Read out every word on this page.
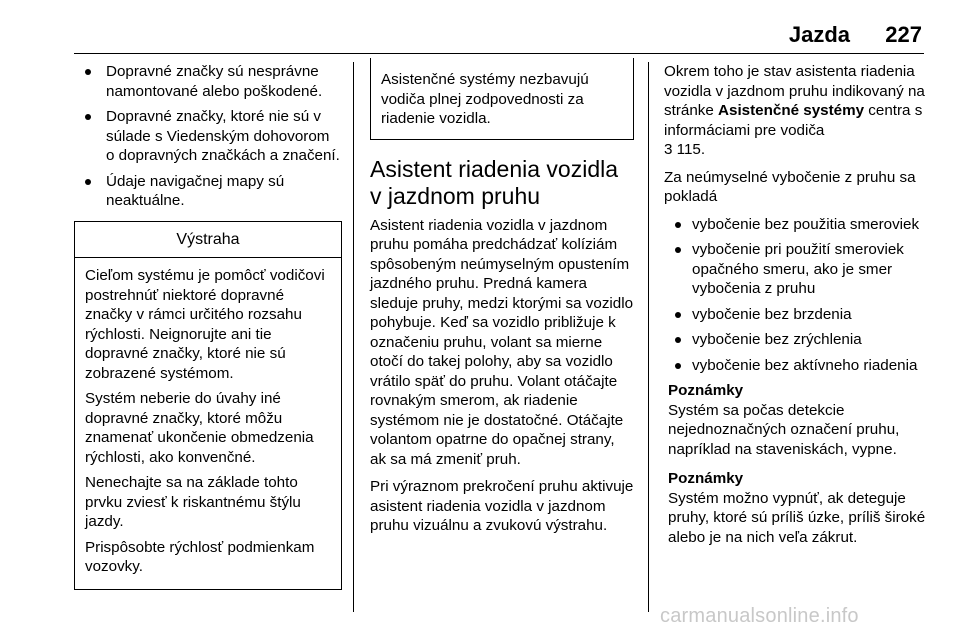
Jazda 227
Dopravné značky sú nesprávne namontované alebo poškodené.
Dopravné značky, ktoré nie sú v súlade s Viedenským dohovorom o dopravných značkách a značení.
Údaje navigačnej mapy sú neaktuálne.
Výstraha

Cieľom systému je pomôcť vodičovi postrehnúť niektoré dopravné značky v rámci určitého rozsahu rýchlosti. Neignorujte ani tie dopravné značky, ktoré nie sú zobrazené systémom.

Systém neberie do úvahy iné dopravné značky, ktoré môžu znamenať ukončenie obmedzenia rýchlosti, ako konvenčné.

Nenechajte sa na základe tohto prvku zviesť k riskantnému štýlu jazdy.

Prispôsobte rýchlosť podmienkam vozovky.

Asistenčné systémy nezbavujú vodiča plnej zodpovednosti za riadenie vozidla.

Asistent riadenia vozidla v jazdnom pruhu

Asistent riadenia vozidla v jazdnom pruhu pomáha predchádzať kolíziám spôsobeným neúmyselným opustením jazdného pruhu. Predná kamera sleduje pruhy, medzi ktorými sa vozidlo pohybuje. Keď sa vozidlo približuje k označeniu pruhu, volant sa mierne otočí do takej polohy, aby sa vozidlo vrátilo späť do pruhu. Volant otáčajte rovnakým smerom, ak riadenie systémom nie je dostatočné. Otáčajte volantom opatrne do opačnej strany, ak sa má zmeniť pruh.

Pri výraznom prekročení pruhu aktivuje asistent riadenia vozidla v jazdnom pruhu vizuálnu a zvukovú výstrahu.

Okrem toho je stav asistenta riadenia vozidla v jazdnom pruhu indikovaný na stránke Asistenčné systémy centra s informáciami pre vodiča
3 115.

Za neúmyselné vybočenie z pruhu sa pokladá

vybočenie bez použitia smeroviek
vybočenie pri použití smeroviek opačného smeru, ako je smer vybočenia z pruhu
vybočenie bez brzdenia
vybočenie bez zrýchlenia
vybočenie bez aktívneho riadenia
Poznámky

Systém sa počas detekcie nejednoznačných označení pruhu, napríklad na staveniskách, vypne.

Poznámky

Systém možno vypnúť, ak deteguje pruhy, ktoré sú príliš úzke, príliš široké alebo je na nich veľa zákrut.

carmanualsonline.info
